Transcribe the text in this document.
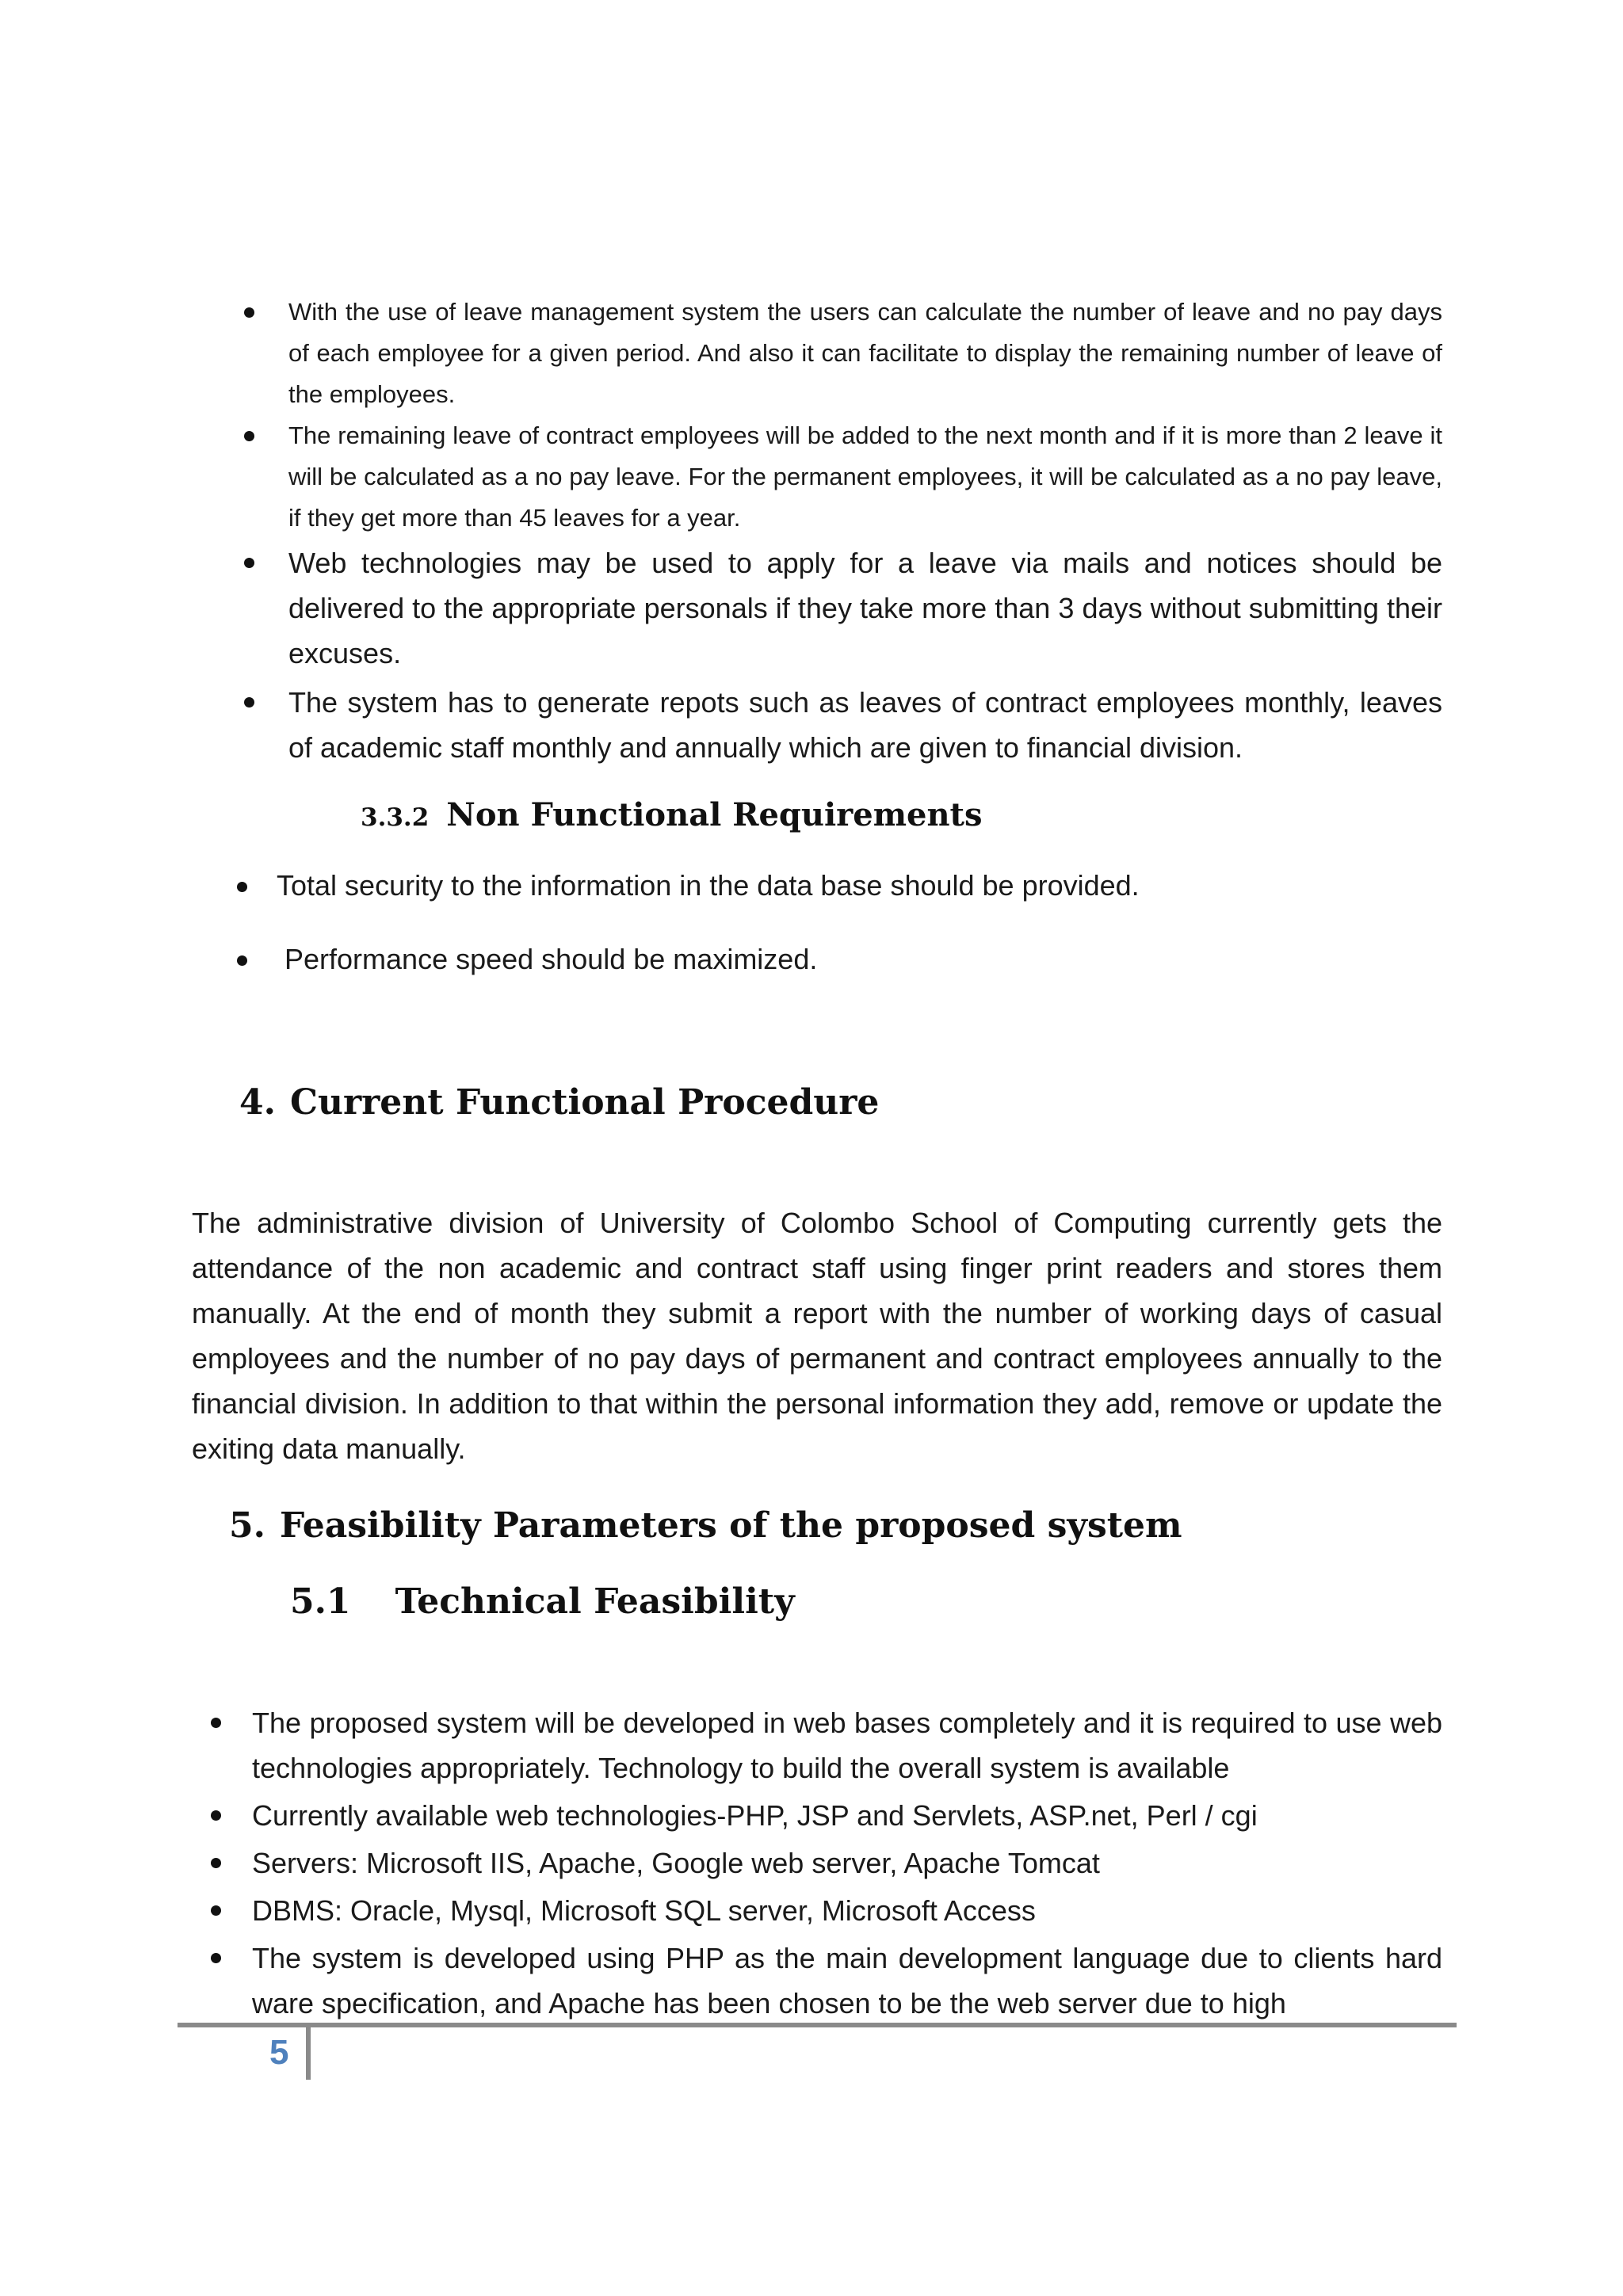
With the use of leave management system the users can calculate the number of leave and no pay days of each employee for a given period. And also it can facilitate to display the remaining number of leave of the employees.
The remaining leave of contract employees will be added to the next month and if it is more than 2 leave it will be calculated as a no pay leave. For the permanent employees, it will be calculated as a no pay leave, if they get more than 45 leaves for a year.
Web technologies may be used to apply for a leave via mails and notices should be delivered to the appropriate personals if they take more than 3 days without submitting their excuses.
The system has to generate repots such as leaves of contract employees monthly, leaves of academic staff monthly and annually which are given to financial division.
3.3.2 Non Functional Requirements
Total security to the information in the data base should be provided.
Performance speed should be maximized.
4. Current Functional Procedure

The administrative division of University of Colombo School of Computing currently gets the attendance of the non academic and contract staff using finger print readers and stores them manually. At the end of month they submit a report with the number of working days of casual employees and the number of no pay days of permanent and contract employees annually to the financial division. In addition to that within the personal information they add, remove or update the exiting data manually.

5. Feasibility Parameters of the proposed system
5.1 Technical Feasibility
The proposed system will be developed in web bases completely and it is required to use web technologies appropriately. Technology to build the overall system is available
Currently available web technologies-PHP, JSP and Servlets, ASP.net, Perl / cgi
Servers: Microsoft IIS, Apache, Google web server, Apache Tomcat
DBMS: Oracle, Mysql, Microsoft SQL server, Microsoft Access
The system is developed using PHP as the main development language due to clients hard ware specification, and Apache has been chosen to be the web server due to high
5
